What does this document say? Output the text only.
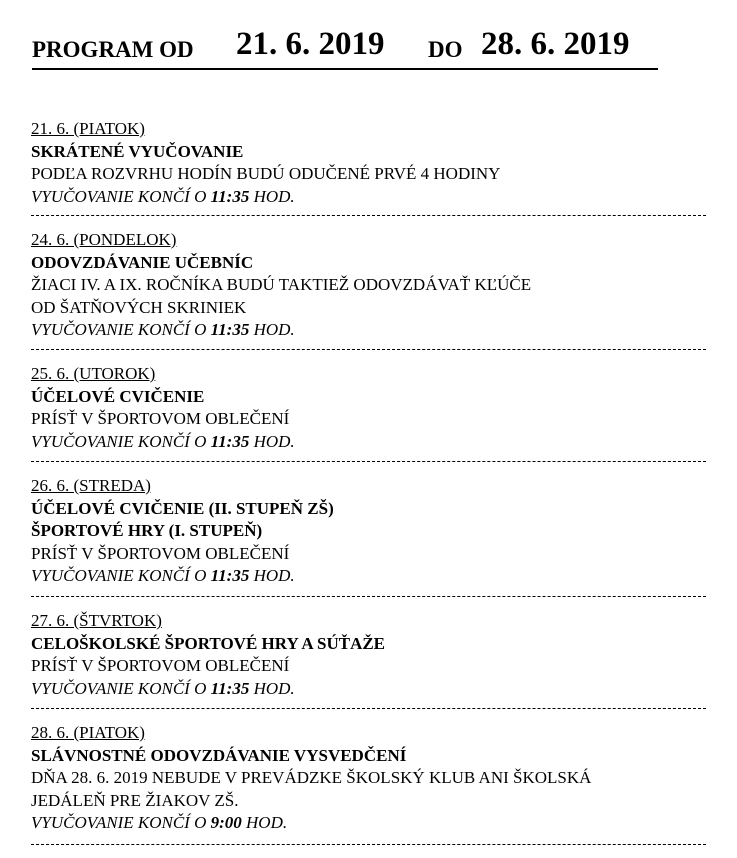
PROGRAM OD 21. 6. 2019 DO 28. 6. 2019
21. 6. (PIATOK)
SKRÁTENÉ VYUČOVANIE
PODĽA ROZVRHU HODÍN BUDÚ ODUČENÉ PRVÉ 4 HODINY
VYUČOVANIE KONČÍ O 11:35 HOD.
24. 6. (PONDELOK)
ODOVZDÁVANIE UČEBNÍC
ŽIACI IV. A IX. ROČNÍKA BUDÚ TAKTIEŽ ODOVZDÁVAŤ KĽÚČE
OD ŠATŇOVÝCH SKRINIEK
VYUČOVANIE KONČÍ O 11:35 HOD.
25. 6. (UTOROK)
ÚČELOVÉ CVIČENIE
PRÍSŤ V ŠPORTOVOM OBLEČENÍ
VYUČOVANIE KONČÍ O 11:35 HOD.
26. 6. (STREDA)
ÚČELOVÉ CVIČENIE (II. STUPEŇ ZŠ)
ŠPORTOVÉ HRY (I. STUPEŇ)
PRÍSŤ V ŠPORTOVOM OBLEČENÍ
VYUČOVANIE KONČÍ O 11:35 HOD.
27. 6. (ŠTVRTOK)
CELOŠKOLSKÉ ŠPORTOVÉ HRY A SÚŤAŽE
PRÍSŤ V ŠPORTOVOM OBLEČENÍ
VYUČOVANIE KONČÍ O 11:35 HOD.
28. 6. (PIATOK)
SLÁVNOSTNÉ ODOVZDÁVANIE VYSVEDČENÍ
DŇA 28. 6. 2019 NEBUDE V PREVÁDZKE ŠKOLSKÝ KLUB ANI ŠKOLSKÁ
JEDÁLEŇ PRE ŽIAKOV ZŠ.
VYUČOVANIE KONČÍ O 9:00 HOD.
